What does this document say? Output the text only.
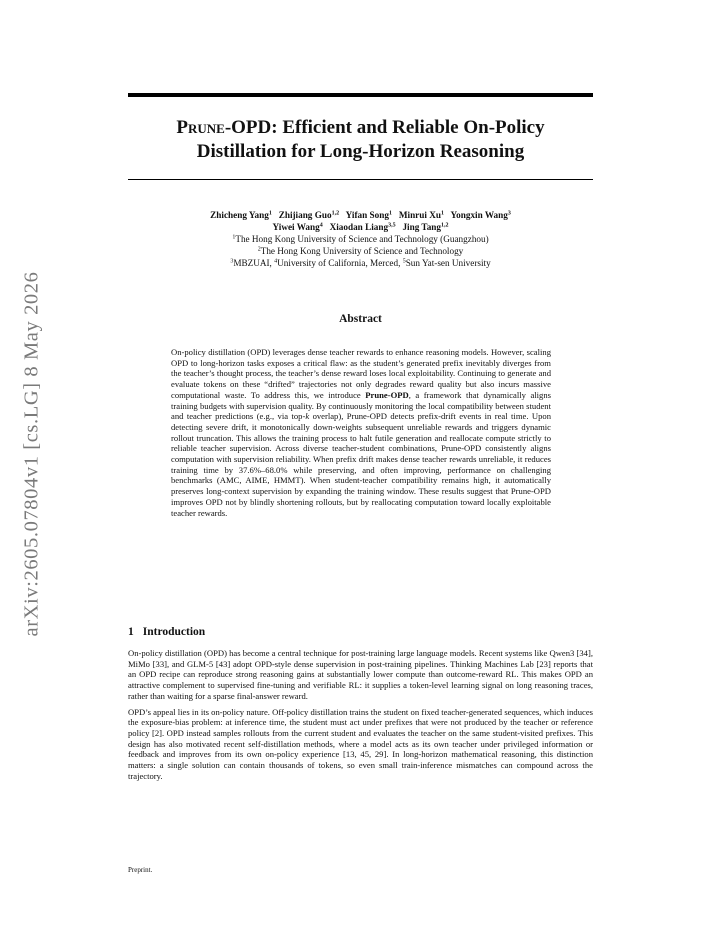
arXiv:2605.07804v1 [cs.LG] 8 May 2026
Prune-OPD: Efficient and Reliable On-Policy
Distillation for Long-Horizon Reasoning
Zhicheng Yang$^1$ Zhijiang Guo$^{1,2}$ Yifan Song$^1$ Minrui Xu$^1$ Yongxin Wang$^3$
Yiwei Wang$^4$ Xiaodan Liang$^{3,5}$ Jing Tang$^{1,2}$
$^1$The Hong Kong University of Science and Technology (Guangzhou)
$^2$The Hong Kong University of Science and Technology
$^3$MBZUAI, $^4$University of California, Merced, $^5$Sun Yat-sen University
Abstract

On-policy distillation (OPD) leverages dense teacher rewards to enhance reasoning models. However, scaling OPD to long-horizon tasks exposes a critical flaw: as the student’s generated prefix inevitably diverges from the teacher’s thought process, the teacher’s dense reward loses local exploitability. Continuing to generate and evaluate tokens on these “drifted” trajectories not only degrades reward quality but also incurs massive computational waste. To address this, we introduce Prune-OPD, a framework that dynamically aligns training budgets with supervision quality. By continuously monitoring the local compatibility between student and teacher predictions (e.g., via top-k overlap), Prune-OPD detects prefix-drift events in real time. Upon detecting severe drift, it monotonically down-weights subsequent unreliable rewards and triggers dynamic rollout truncation. This allows the training process to halt futile generation and reallocate compute strictly to reliable teacher supervision. Across diverse teacher-student combinations, Prune-OPD consistently aligns computation with supervision reliability. When prefix drift makes dense teacher rewards unreliable, it reduces training time by 37.6%–68.0% while preserving, and often improving, performance on challenging benchmarks (AMC, AIME, HMMT). When student-teacher compatibility remains high, it automatically preserves long-context supervision by expanding the training window. These results suggest that Prune-OPD improves OPD not by blindly shortening rollouts, but by reallocating computation toward locally exploitable teacher rewards.

1 Introduction

On-policy distillation (OPD) has become a central technique for post-training large language models. Recent systems like Qwen3 [34], MiMo [33], and GLM-5 [43] adopt OPD-style dense supervision in post-training pipelines. Thinking Machines Lab [23] reports that an OPD recipe can reproduce strong reasoning gains at substantially lower compute than outcome-reward RL. This makes OPD an attractive complement to supervised fine-tuning and verifiable RL: it supplies a token-level learning signal on long reasoning traces, rather than waiting for a sparse final-answer reward.

OPD’s appeal lies in its on-policy nature. Off-policy distillation trains the student on fixed teacher-generated sequences, which induces the exposure-bias problem: at inference time, the student must act under prefixes that were not produced by the teacher or reference policy [2]. OPD instead samples rollouts from the current student and evaluates the teacher on the same student-visited prefixes. This design has also motivated recent self-distillation methods, where a model acts as its own teacher under privileged information or feedback and improves from its own on-policy experience [13, 45, 29]. In long-horizon mathematical reasoning, this distinction matters: a single solution can contain thousands of tokens, so even small train-inference mismatches can compound across the trajectory.

Preprint.
